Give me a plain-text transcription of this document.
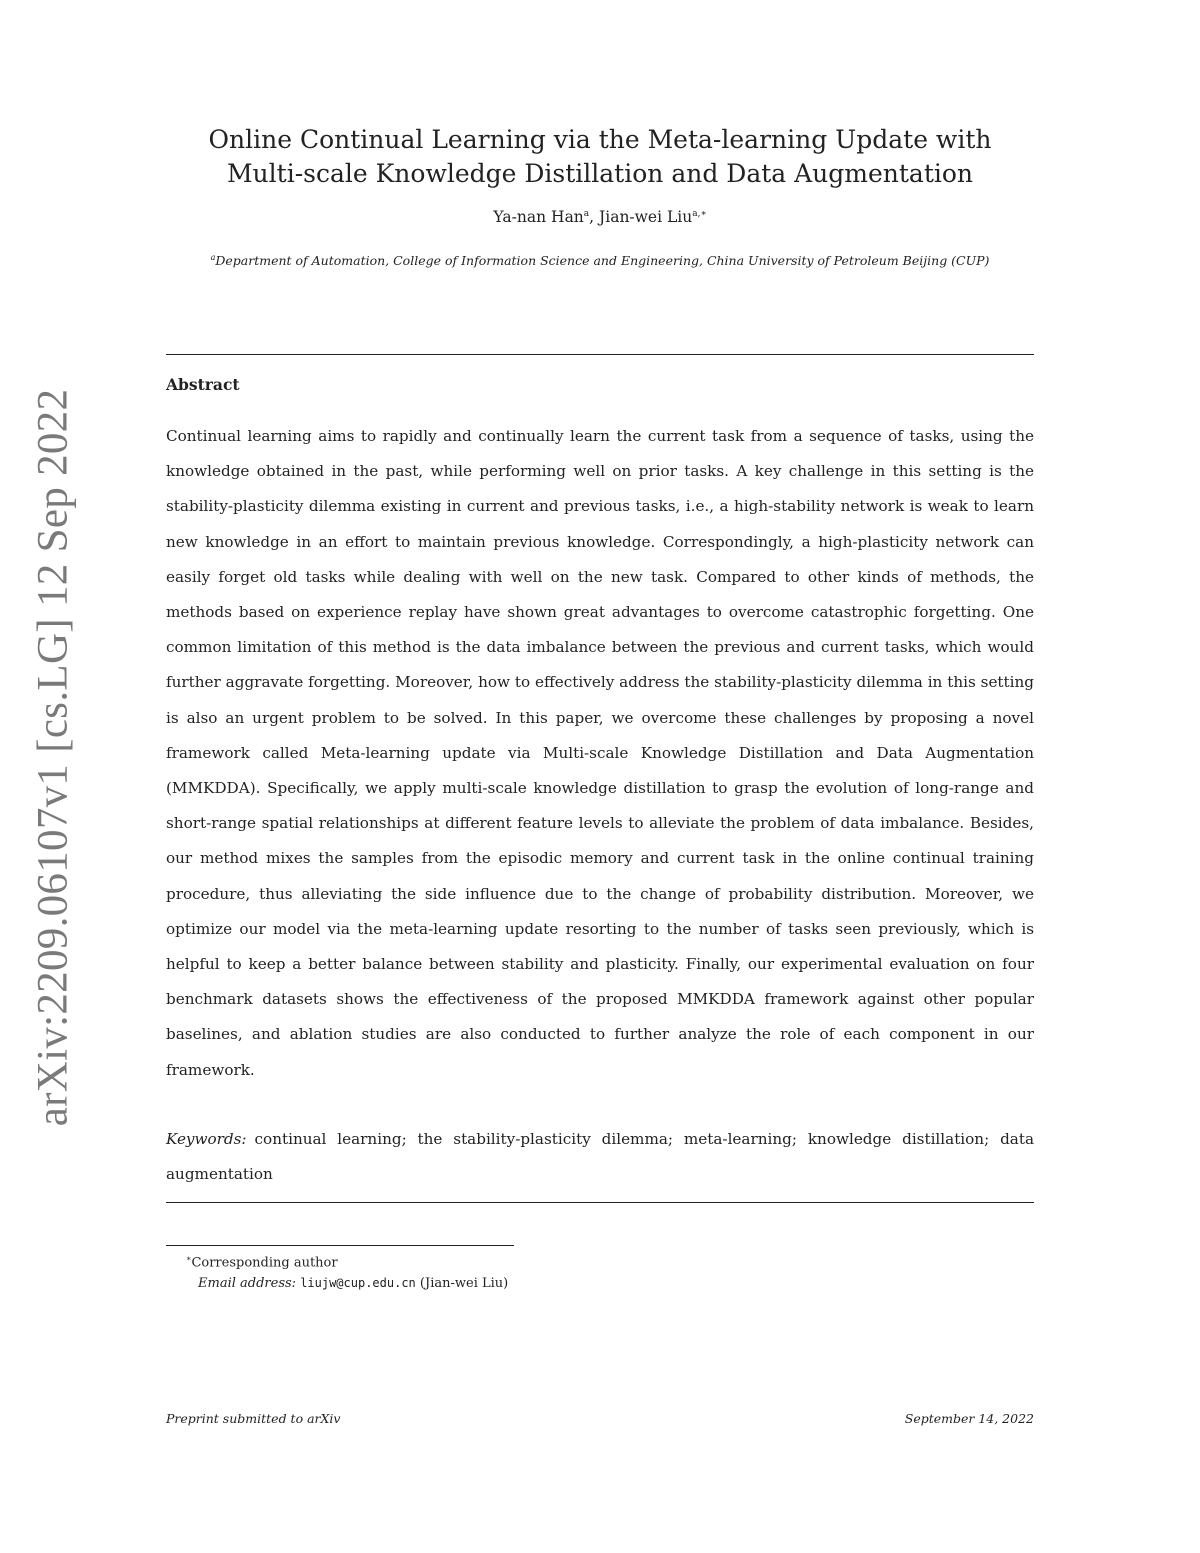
arXiv:2209.06107v1 [cs.LG] 12 Sep 2022
Online Continual Learning via the Meta-learning Update with
Multi-scale Knowledge Distillation and Data Augmentation
Ya-nan Han$^a$, Jian-wei Liu$^{a,∗}$
$^a$Department of Automation, College of Information Science and Engineering, China University of Petroleum Beijing (CUP)
Abstract

Continual learning aims to rapidly and continually learn the current task from a sequence of tasks, using the knowledge obtained in the past, while performing well on prior tasks. A key challenge in this setting is the stability-plasticity dilemma existing in current and previous tasks, i.e., a high-stability network is weak to learn new knowledge in an effort to maintain previous knowledge. Correspondingly, a high-plasticity network can easily forget old tasks while dealing with well on the new task. Compared to other kinds of methods, the methods based on experience replay have shown great advantages to overcome catastrophic forgetting. One common limitation of this method is the data imbalance between the previous and current tasks, which would further aggravate forgetting. Moreover, how to effectively address the stability-plasticity dilemma in this setting is also an urgent problem to be solved. In this paper, we overcome these challenges by proposing a novel framework called Meta-learning update via Multi-scale Knowledge Distillation and Data Augmentation (MMKDDA). Specifically, we apply multi-scale knowledge distillation to grasp the evolution of long-range and short-range spatial relationships at different feature levels to alleviate the problem of data imbalance. Besides, our method mixes the samples from the episodic memory and current task in the online continual training procedure, thus alleviating the side influence due to the change of probability distribution. Moreover, we optimize our model via the meta-learning update resorting to the number of tasks seen previously, which is helpful to keep a better balance between stability and plasticity. Finally, our experimental evaluation on four benchmark datasets shows the effectiveness of the proposed MMKDDA framework against other popular baselines, and ablation studies are also conducted to further analyze the role of each component in our framework.

Keywords: continual learning; the stability-plasticity dilemma; meta-learning; knowledge distillation; data augmentation

∗Corresponding author
Email address: liujw@cup.edu.cn (Jian-wei Liu)
Preprint submitted to arXiv	September 14, 2022
